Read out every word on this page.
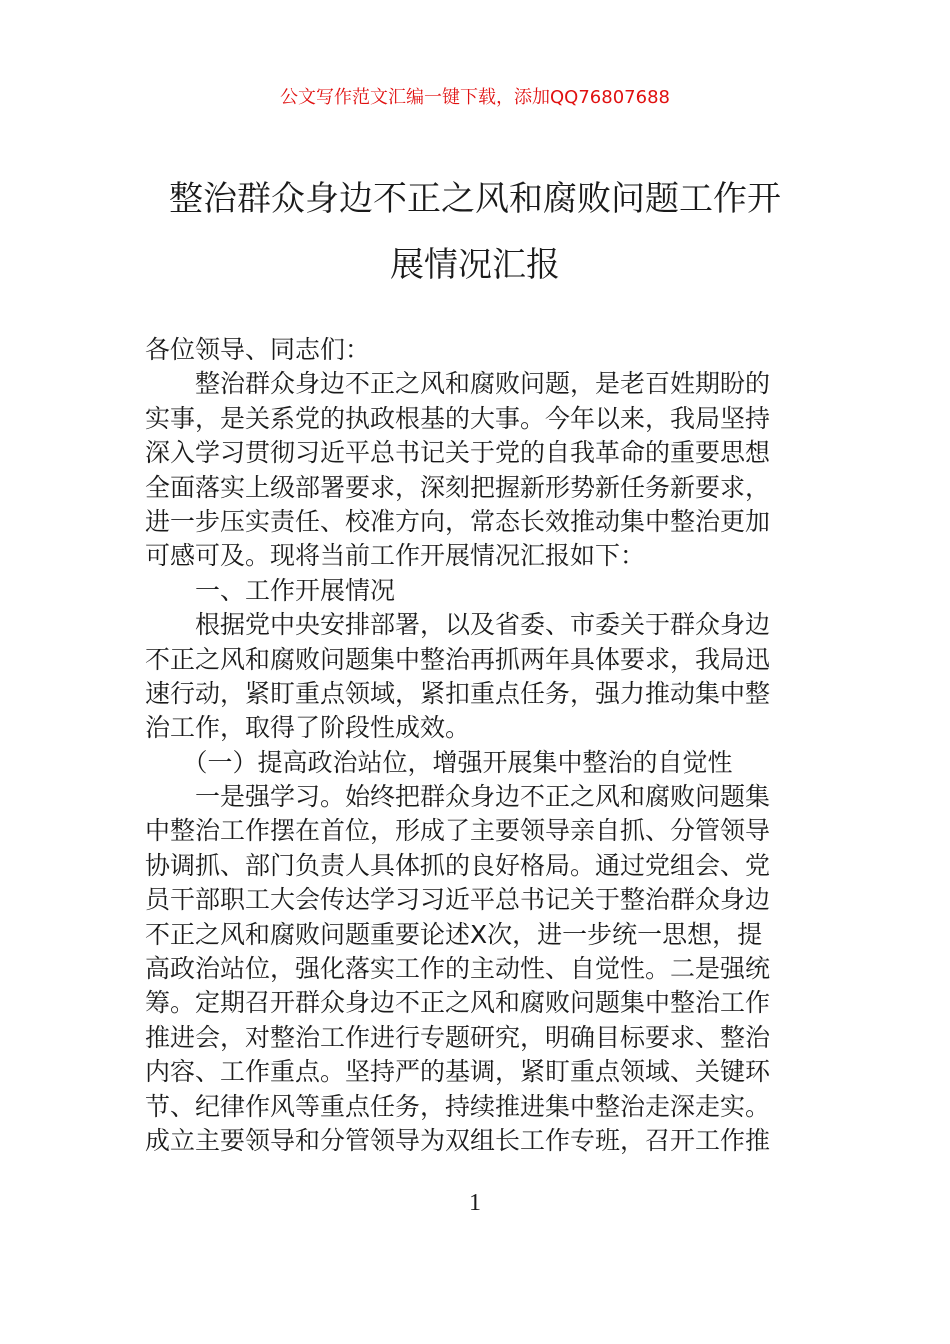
公文写作范文汇编一键下载，添加QQ76807688
整治群众身边不正之风和腐败问题工作开
展情况汇报
各位领导、同志们：
　　整治群众身边不正之风和腐败问题，是老百姓期盼的
实事，是关系党的执政根基的大事。今年以来，我局坚持
深入学习贯彻习近平总书记关于党的自我革命的重要思想
全面落实上级部署要求，深刻把握新形势新任务新要求，
进一步压实责任、校准方向，常态长效推动集中整治更加
可感可及。现将当前工作开展情况汇报如下：
　　一、工作开展情况
　　根据党中央安排部署，以及省委、市委关于群众身边
不正之风和腐败问题集中整治再抓两年具体要求，我局迅
速行动，紧盯重点领域，紧扣重点任务，强力推动集中整
治工作，取得了阶段性成效。
　　（一）提高政治站位，增强开展集中整治的自觉性
　　一是强学习。始终把群众身边不正之风和腐败问题集
中整治工作摆在首位，形成了主要领导亲自抓、分管领导
协调抓、部门负责人具体抓的良好格局。通过党组会、党
员干部职工大会传达学习习近平总书记关于整治群众身边
不正之风和腐败问题重要论述X次，进一步统一思想，提
高政治站位，强化落实工作的主动性、自觉性。二是强统
筹。定期召开群众身边不正之风和腐败问题集中整治工作
推进会，对整治工作进行专题研究，明确目标要求、整治
内容、工作重点。坚持严的基调，紧盯重点领域、关键环
节、纪律作风等重点任务，持续推进集中整治走深走实。
成立主要领导和分管领导为双组长工作专班，召开工作推
1
